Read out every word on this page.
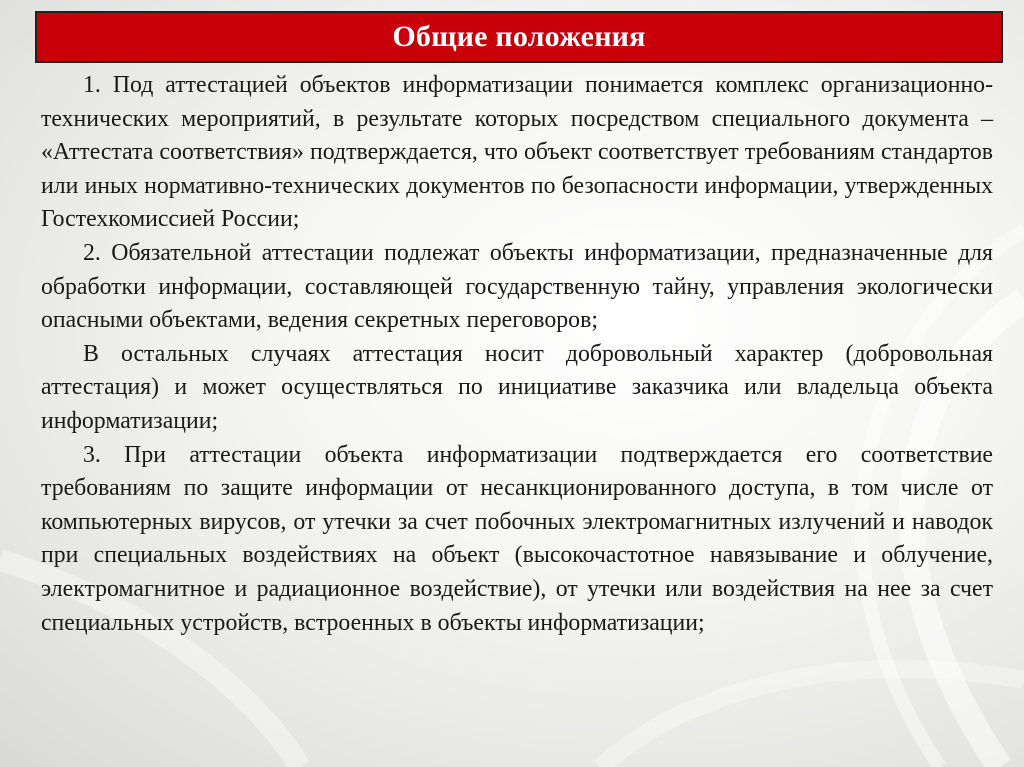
Общие положения

1. Под аттестацией объектов информатизации понимается комплекс организационно-технических мероприятий, в результате которых посредством специального документа – «Аттестата соответствия» подтверждается, что объект соответствует требованиям стандартов или иных нормативно-технических документов по безопасности информации, утвержденных Гостехкомиссией России;

2. Обязательной аттестации подлежат объекты информатизации, предназначенные для обработки информации, составляющей государственную тайну, управления экологически опасными объектами, ведения секретных переговоров;

В остальных случаях аттестация носит добровольный характер (добровольная аттестация) и может осуществляться по инициативе заказчика или владельца объекта информатизации;

3. При аттестации объекта информатизации подтверждается его соответствие требованиям по защите информации от несанкционированного доступа, в том числе от компьютерных вирусов, от утечки за счет побочных электромагнитных излучений и наводок при специальных воздействиях на объект (высокочастотное навязывание и облучение, электромагнитное и радиационное воздействие), от утечки или воздействия на нее за счет специальных устройств, встроенных в объекты информатизации;
